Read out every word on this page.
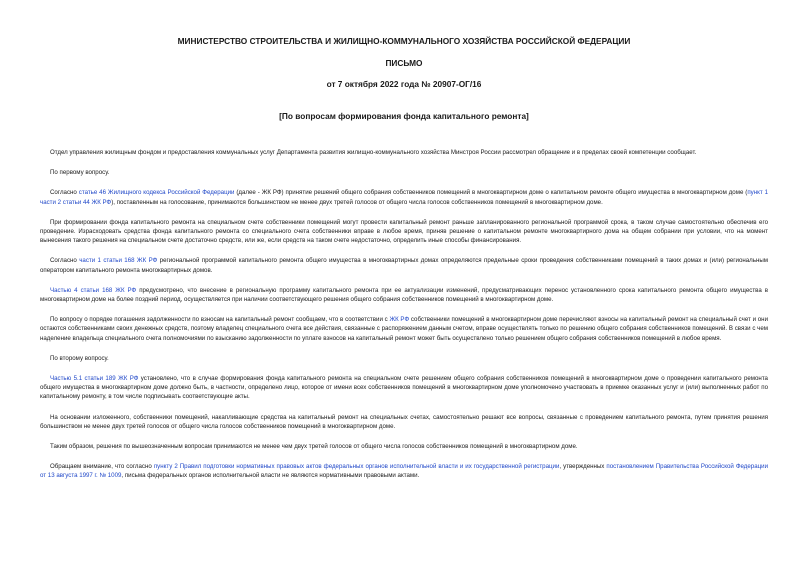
МИНИСТЕРСТВО СТРОИТЕЛЬСТВА И ЖИЛИЩНО-КОММУНАЛЬНОГО ХОЗЯЙСТВА РОССИЙСКОЙ ФЕДЕРАЦИИ

ПИСЬМО

от 7 октября 2022 года № 20907-ОГ/16

[По вопросам формирования фонда капитального ремонта]

Отдел управления жилищным фондом и предоставления коммунальных услуг Департамента развития жилищно-коммунального хозяйства Минстроя России рассмотрел обращение и в пределах своей компетенции сообщает.

По первому вопросу.

Согласно статье 46 Жилищного кодекса Российской Федерации (далее - ЖК РФ) принятие решений общего собрания собственников помещений в многоквартирном доме о капитальном ремонте общего имущества в многоквартирном доме (пункт 1 части 2 статьи 44 ЖК РФ), поставленным на голосование, принимаются большинством не менее двух третей голосов от общего числа голосов собственников помещений в многоквартирном доме.

При формировании фонда капитального ремонта на специальном счете собственники помещений могут провести капитальный ремонт раньше запланированного региональной программой срока, в таком случае самостоятельно обеспечив его проведение. Израсходовать средства фонда капитального ремонта со специального счета собственники вправе в любое время, приняв решение о капитальном ремонте многоквартирного дома на общем собрании при условии, что на момент вынесения такого решения на специальном счете достаточно средств, или же, если средств на таком счете недостаточно, определить иные способы финансирования.

Согласно части 1 статьи 168 ЖК РФ региональной программой капитального ремонта общего имущества в многоквартирных домах определяются предельные сроки проведения собственниками помещений в таких домах и (или) региональным оператором капитального ремонта многоквартирных домов.

Частью 4 статьи 168 ЖК РФ предусмотрено, что внесение в региональную программу капитального ремонта при ее актуализации изменений, предусматривающих перенос установленного срока капитального ремонта общего имущества в многоквартирном доме на более поздний период, осуществляется при наличии соответствующего решения общего собрания собственников помещений в многоквартирном доме.

По вопросу о порядке погашения задолженности по взносам на капитальный ремонт сообщаем, что в соответствии с ЖК РФ собственники помещений в многоквартирном доме перечисляют взносы на капитальный ремонт на специальный счет и они остаются собственниками своих денежных средств, поэтому владелец специального счета все действия, связанные с распоряжением данным счетом, вправе осуществлять только по решению общего собрания собственников помещений. В связи с чем наделение владельца специального счета полномочиями по взысканию задолженности по уплате взносов на капитальный ремонт может быть осуществлено только решением общего собрания собственников помещений в любое время.

По второму вопросу.

Частью 5.1 статьи 189 ЖК РФ установлено, что в случае формирования фонда капитального ремонта на специальном счете решением общего собрания собственников помещений в многоквартирном доме о проведении капитального ремонта общего имущества в многоквартирном доме должно быть, в частности, определено лицо, которое от имени всех собственников помещений в многоквартирном доме уполномочено участвовать в приемке оказанных услуг и (или) выполненных работ по капитальному ремонту, в том числе подписывать соответствующие акты.

На основании изложенного, собственники помещений, накапливающие средства на капитальный ремонт на специальных счетах, самостоятельно решают все вопросы, связанные с проведением капитального ремонта, путем принятия решения большинством не менее двух третей голосов от общего числа голосов собственников помещений в многоквартирном доме.

Таким образом, решения по вышеозначенным вопросам принимаются не менее чем двух третей голосов от общего числа голосов собственников помещений в многоквартирном доме.

Обращаем внимание, что согласно пункту 2 Правил подготовки нормативных правовых актов федеральных органов исполнительной власти и их государственной регистрации, утвержденных постановлением Правительства Российской Федерации от 13 августа 1997 г. № 1009, письма федеральных органов исполнительной власти не являются нормативными правовыми актами.
